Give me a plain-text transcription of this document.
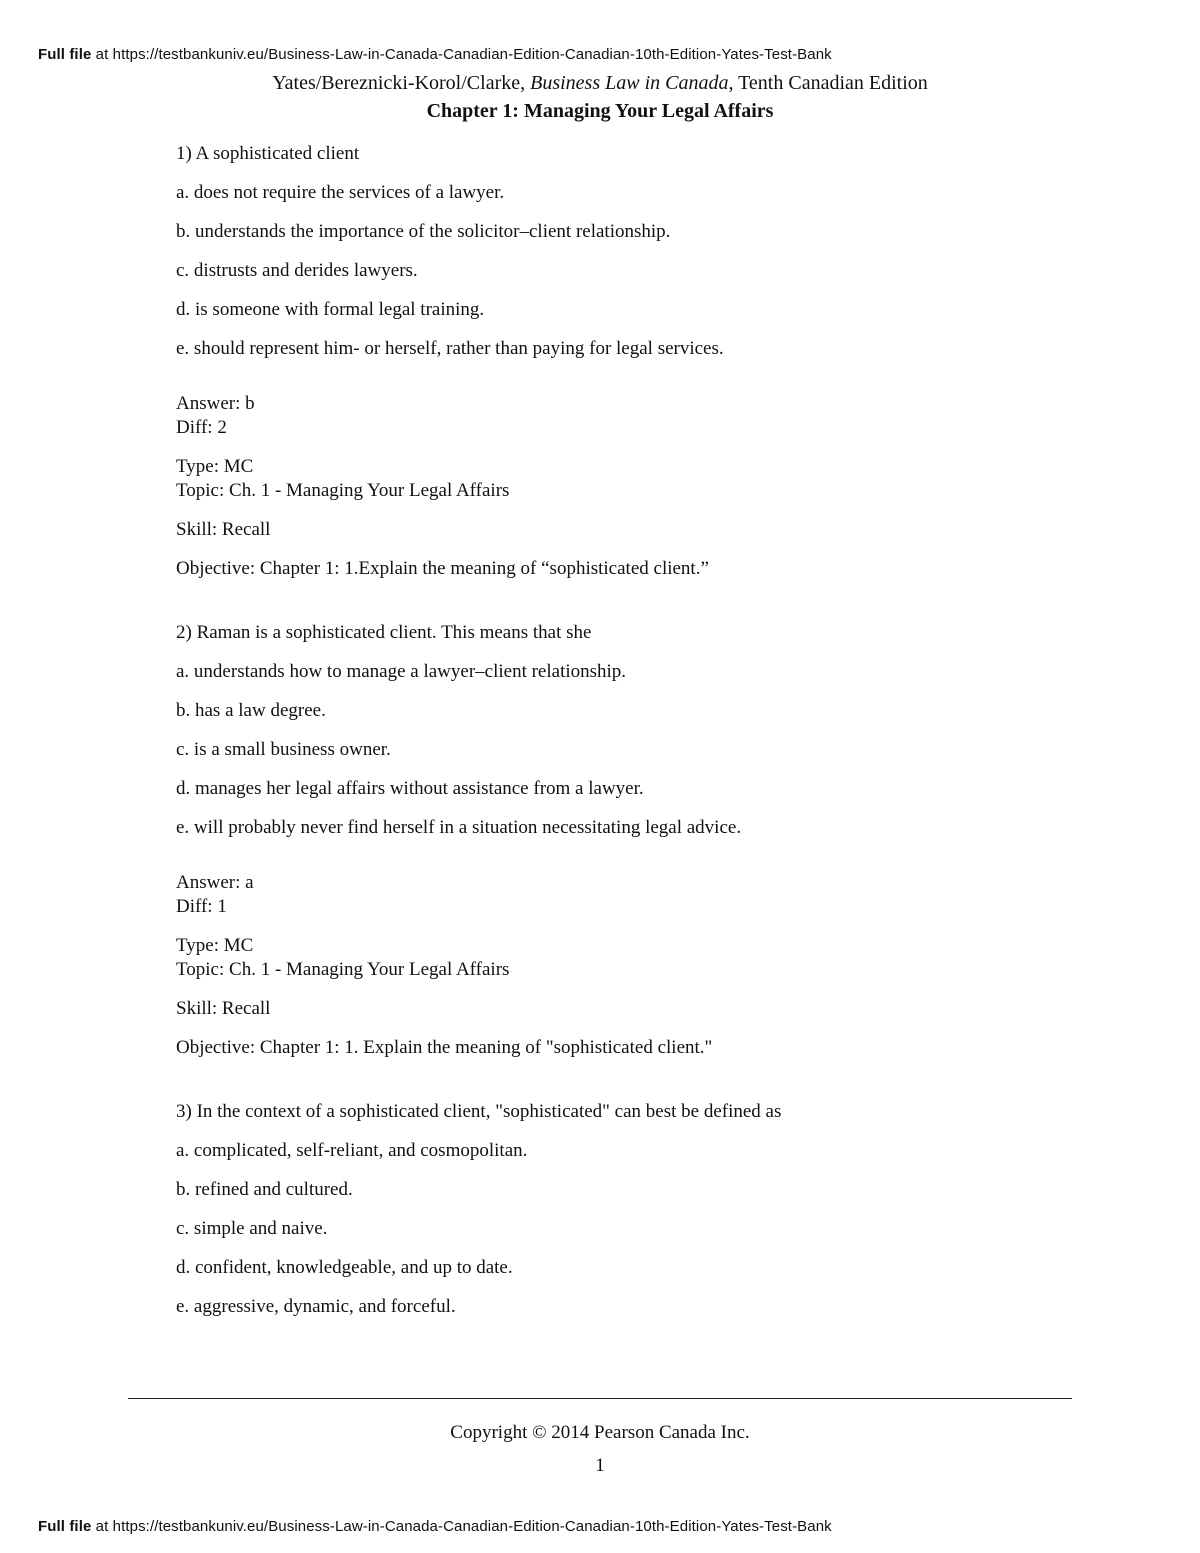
Full file at https://testbankuniv.eu/Business-Law-in-Canada-Canadian-Edition-Canadian-10th-Edition-Yates-Test-Bank
Yates/Bereznicki-Korol/Clarke, Business Law in Canada, Tenth Canadian Edition
Chapter 1: Managing Your Legal Affairs
1) A sophisticated client
a. does not require the services of a lawyer.
b. understands the importance of the solicitor–client relationship.
c. distrusts and derides lawyers.
d. is someone with formal legal training.
e. should represent him- or herself, rather than paying for legal services.
Answer: b
Diff: 2
Type: MC
Topic: Ch. 1 - Managing Your Legal Affairs
Skill: Recall
Objective: Chapter 1: 1.Explain the meaning of “sophisticated client.”
2) Raman is a sophisticated client. This means that she
a. understands how to manage a lawyer–client relationship.
b. has a law degree.
c. is a small business owner.
d. manages her legal affairs without assistance from a lawyer.
e. will probably never find herself in a situation necessitating legal advice.
Answer: a
Diff: 1
Type: MC
Topic: Ch. 1 - Managing Your Legal Affairs
Skill: Recall
Objective: Chapter 1: 1. Explain the meaning of "sophisticated client."
3) In the context of a sophisticated client, "sophisticated" can best be defined as
a. complicated, self-reliant, and cosmopolitan.
b. refined and cultured.
c. simple and naive.
d. confident, knowledgeable, and up to date.
e. aggressive, dynamic, and forceful.
Copyright © 2014 Pearson Canada Inc.
1
Full file at https://testbankuniv.eu/Business-Law-in-Canada-Canadian-Edition-Canadian-10th-Edition-Yates-Test-Bank
